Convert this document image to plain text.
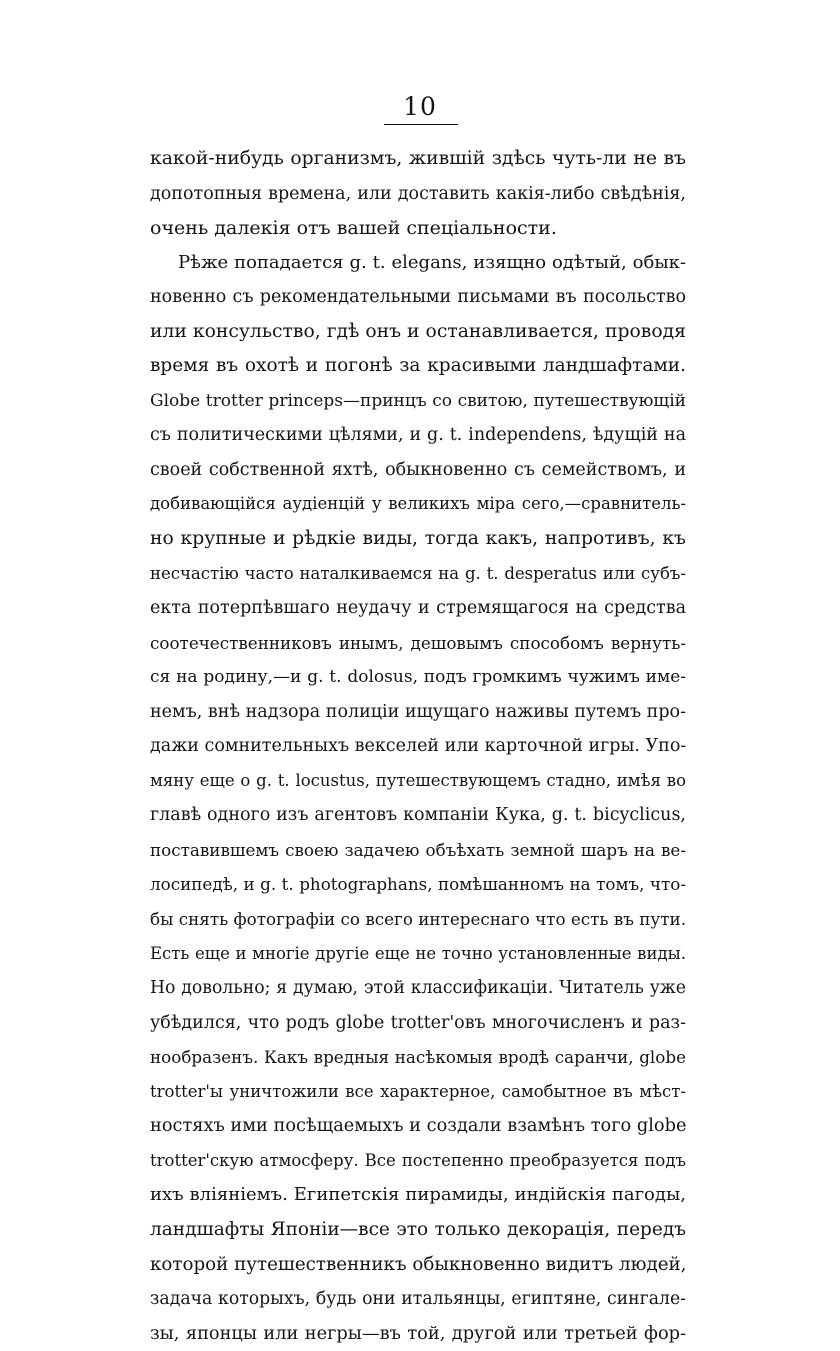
10
какой-нибудь организмъ, жившій здѣсь чуть-ли не въ
допотопныя времена, или доставить какія-либо свѣдѣнія,
очень далекія отъ вашей спеціальности.
Рѣже попадается g. t. elegans, изящно одѣтый, обык-
новенно съ рекомендательными письмами въ посольство
или консульство, гдѣ онъ и останавливается, проводя
время въ охотѣ и погонѣ за красивыми ландшафтами.
Globe trotter princeps—принцъ со свитою, путешествующій
съ политическими цѣлями, и g. t. independens, ѣдущій на
своей собственной яхтѣ, обыкновенно съ семействомъ, и
добивающійся аудіенцій у великихъ міра сего,—сравнитель-
но крупные и рѣдкіе виды, тогда какъ, напротивъ, къ
несчастію часто наталкиваемся на g. t. desperatus или субъ-
екта потерпѣвшаго неудачу и стремящагося на средства
соотечественниковъ инымъ, дешовымъ способомъ вернуть-
ся на родину,—и g. t. dolosus, подъ громкимъ чужимъ име-
немъ, внѣ надзора полиціи ищущаго наживы путемъ про-
дажи сомнительныхъ векселей или карточной игры. Упо-
мяну еще о g. t. locustus, путешествующемъ стадно, имѣя во
главѣ одного изъ агентовъ компаніи Кука, g. t. bicyclicus,
поставившемъ своею задачею объѣхать земной шаръ на ве-
лосипедѣ, и g. t. photographans, помѣшанномъ на томъ, что-
бы снять фотографіи со всего интереснаго что есть въ пути.
Есть еще и многіе другіе еще не точно установленные виды.
Но довольно; я думаю, этой классификаціи. Читатель уже
убѣдился, что родъ globe trotter'овъ многочисленъ и раз-
нообразенъ. Какъ вредныя насѣкомыя вродѣ саранчи, globe
trotter'ы уничтожили все характерное, самобытное въ мѣст-
ностяхъ ими посѣщаемыхъ и создали взамѣнъ того globe
trotter'скую атмосферу. Все постепенно преобразуется подъ
ихъ вліяніемъ. Египетскія пирамиды, индійскія пагоды,
ландшафты Японіи—все это только декорація, передъ
которой путешественникъ обыкновенно видитъ людей,
задача которыхъ, будь они итальянцы, египтяне, сингале-
зы, японцы или негры—въ той, другой или третьей фор-
